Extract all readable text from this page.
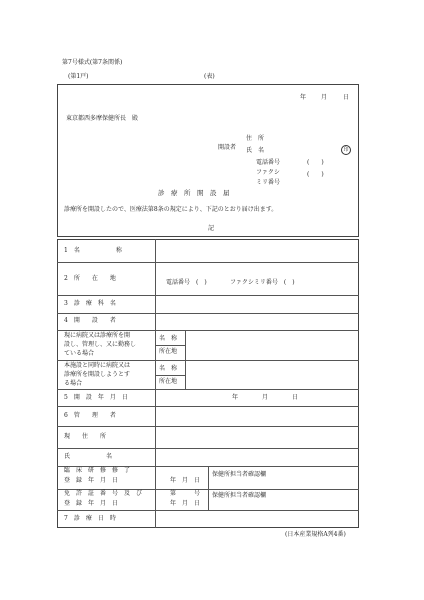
第7号様式(第7条関係)
(第1戸)	(表)
年 月	日
東京都西多摩保健所長　殿
開設者
住　所
氏　名	印
電話番号	(　　)
ファクシ	(　　)
ミリ番号
診　療　所　開　設　届
診療所を開設したので、医療法第8条の規定により、下記のとおり届け出ます。
記
1　名　　　　　　称
2　所　　在　　地
電話番号　(　)	ファクシミリ番号　(　)
3　診　療　科　名
4　開　　設　　者
現に病院又は診療所を開
設し、管理し、又に勤務し
ている場合
名　称
所在地
本施設と同時に病院又は
診療所を開設しようとす
る場合
名　称
所在地
5　開　設　年　月　日	年	月	日
6　管　　理　　者
現　　住　　所
氏　　　　　　名
臨　床　研　修　修　了
登　録　年　月　日	年　月　日
保健所担当者確認欄
免　許　証　番　号　及　び
登　録　年　月　日
第　　　号
年　月　日
保健所担当者確認欄
7　診　療　日　時
(日本産業規格A列4番)
